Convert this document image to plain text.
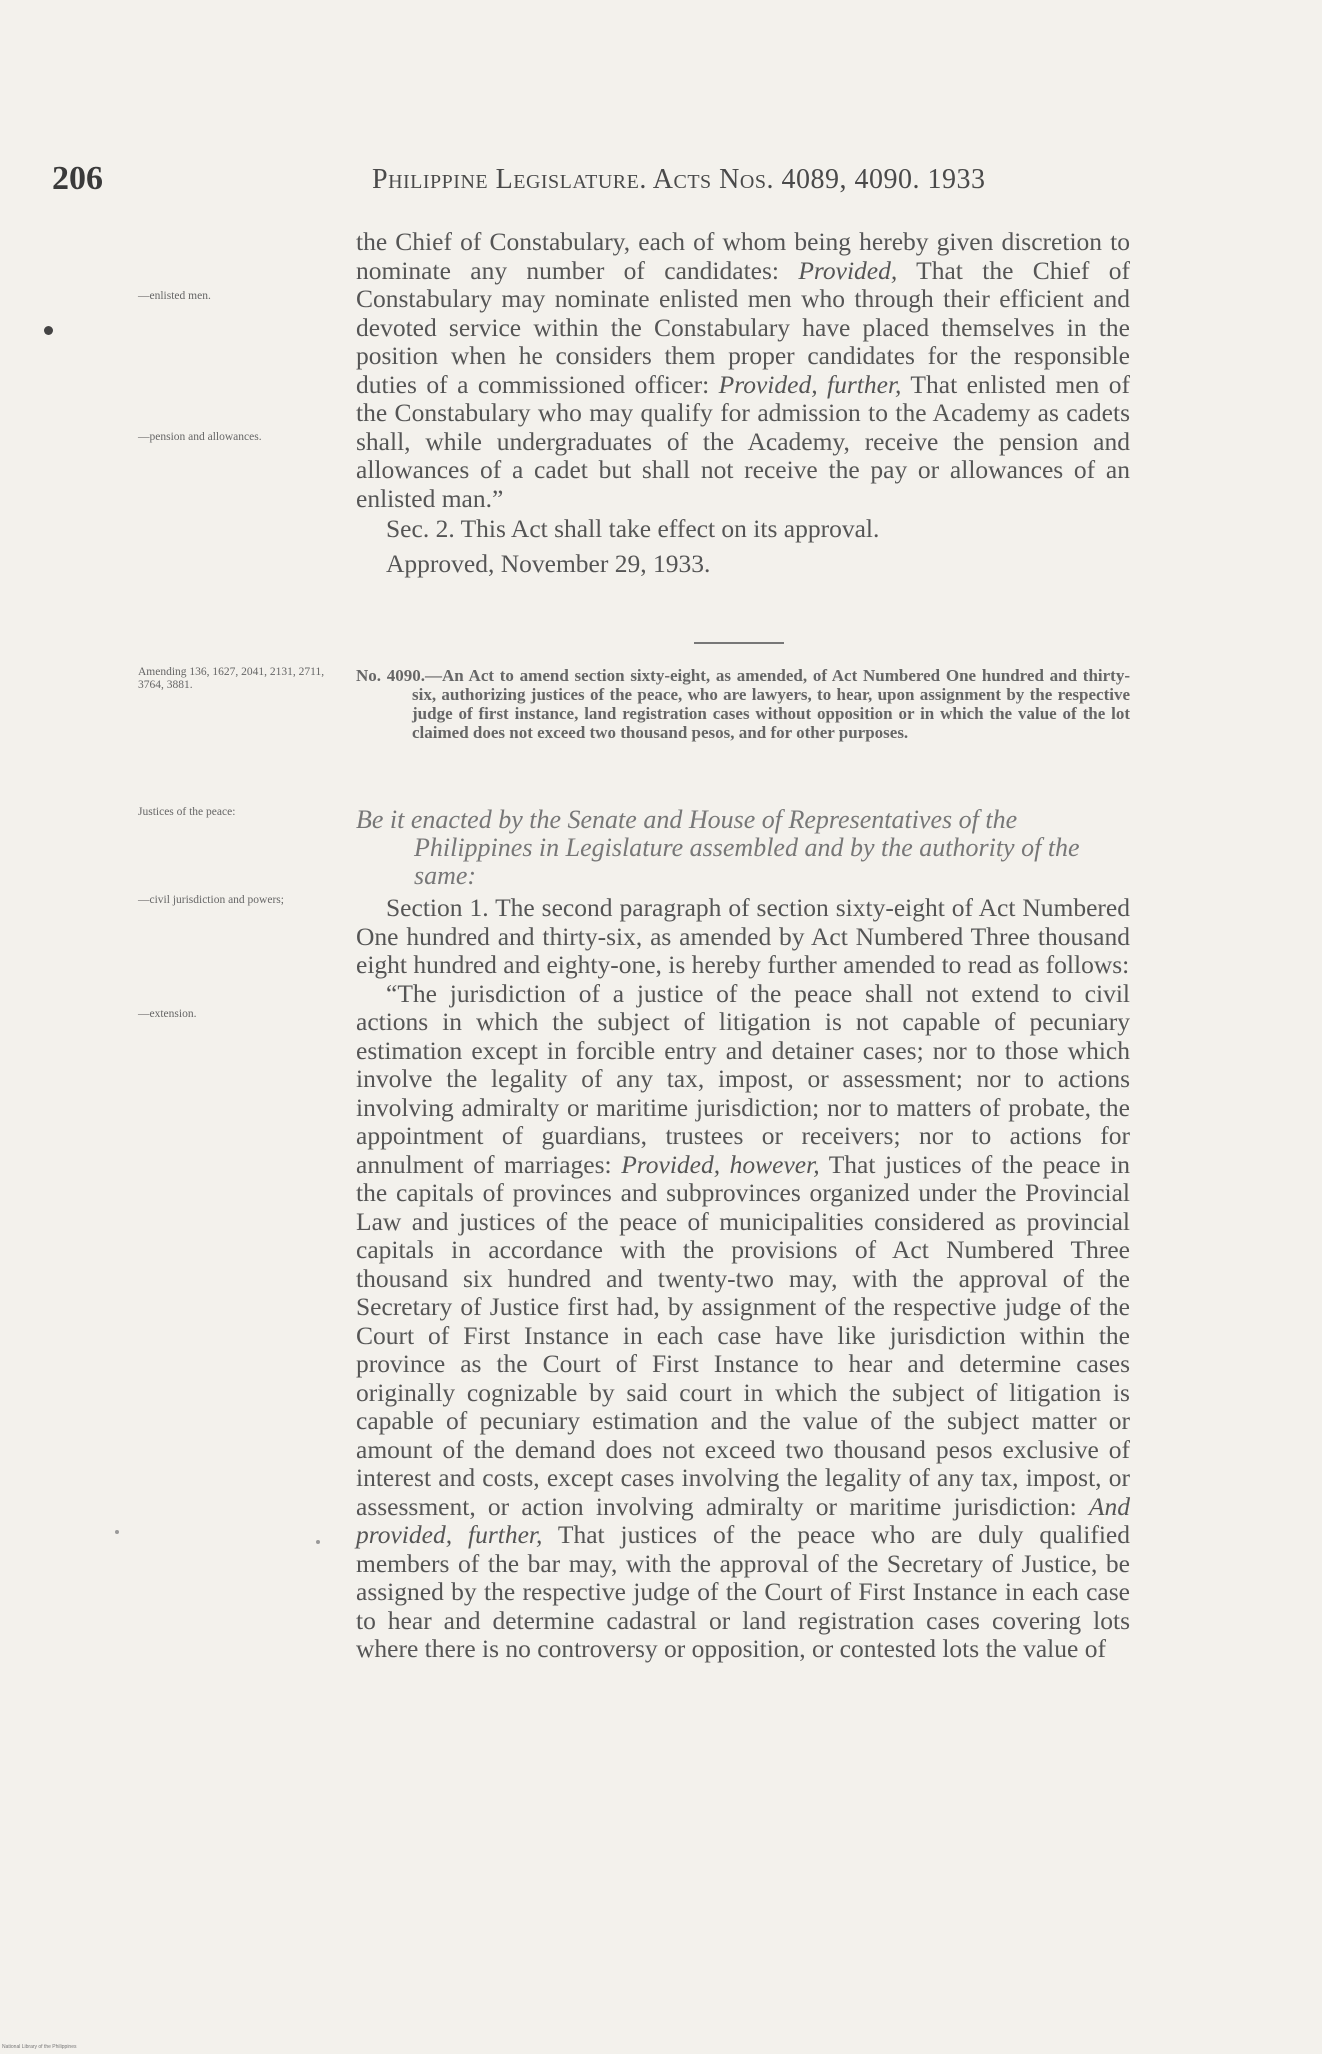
206	Philippine Legislature. Acts Nos. 4089, 4090. 1933
—enlisted men.
—pension and allowances.
Amending 136, 1627, 2041, 2131, 2711, 3764, 3881.
Justices of the peace:
—civil jurisdiction and powers;
—extension.

the Chief of Constabulary, each of whom being hereby given discretion to nominate any number of candidates: Provided, That the Chief of Constabulary may nominate enlisted men who through their efficient and devoted service within the Constabulary have placed themselves in the position when he considers them proper candidates for the responsible duties of a commissioned officer: Provided, further, That enlisted men of the Constabulary who may qualify for admission to the Academy as cadets shall, while undergraduates of the Academy, receive the pension and allowances of a cadet but shall not receive the pay or allowances of an enlisted man.”

Sec. 2. This Act shall take effect on its approval.

Approved, November 29, 1933.

No. 4090.—An Act to amend section sixty-eight, as amended, of Act Numbered One hundred and thirty-six, authorizing justices of the peace, who are lawyers, to hear, upon assignment by the respective judge of first instance, land registration cases without opposition or in which the value of the lot claimed does not exceed two thousand pesos, and for other purposes.

Be it enacted by the Senate and House of Representatives of the Philippines in Legislature assembled and by the authority of the same:

Section 1. The second paragraph of section sixty-eight of Act Numbered One hundred and thirty-six, as amended by Act Numbered Three thousand eight hundred and eighty-one, is hereby further amended to read as follows:

“The jurisdiction of a justice of the peace shall not extend to civil actions in which the subject of litigation is not capable of pecuniary estimation except in forcible entry and detainer cases; nor to those which involve the legality of any tax, impost, or assessment; nor to actions involving admiralty or maritime jurisdiction; nor to matters of probate, the appointment of guardians, trustees or receivers; nor to actions for annulment of marriages: Provided, however, That justices of the peace in the capitals of provinces and subprovinces organized under the Provincial Law and justices of the peace of municipalities considered as provincial capitals in accordance with the provisions of Act Numbered Three thousand six hundred and twenty-two may, with the approval of the Secretary of Justice first had, by assignment of the respective judge of the Court of First Instance in each case have like jurisdiction within the province as the Court of First Instance to hear and determine cases originally cognizable by said court in which the subject of litigation is capable of pecuniary estimation and the value of the subject matter or amount of the demand does not exceed two thousand pesos exclusive of interest and costs, except cases involving the legality of any tax, impost, or assessment, or action involving admiralty or maritime jurisdiction: And provided, further, That justices of the peace who are duly qualified members of the bar may, with the approval of the Secretary of Justice, be assigned by the respective judge of the Court of First Instance in each case to hear and determine cadastral or land registration cases covering lots where there is no controversy or opposition, or contested lots the value of

National Library of the Philippines
